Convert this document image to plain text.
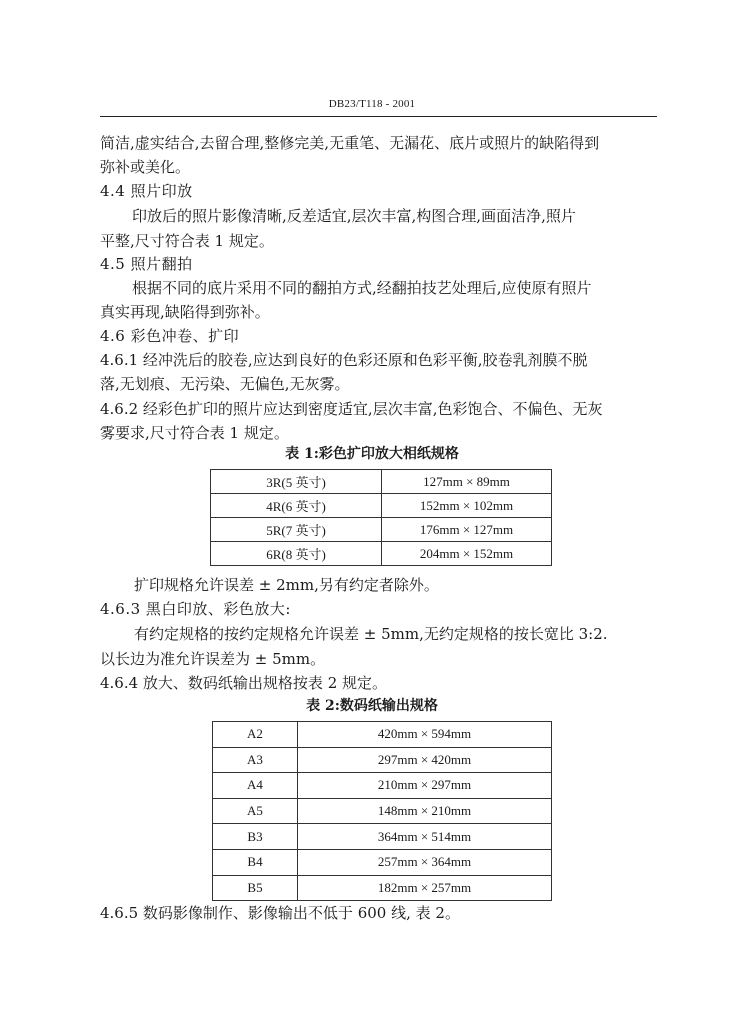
DB23/T118 - 2001
简洁,虚实结合,去留合理,整修完美,无重笔、无漏花、底片或照片的缺陷得到
弥补或美化。
4.4 照片印放
印放后的照片影像清晰,反差适宜,层次丰富,构图合理,画面洁净,照片
平整,尺寸符合表 1 规定。
4.5 照片翻拍
根据不同的底片采用不同的翻拍方式,经翻拍技艺处理后,应使原有照片
真实再现,缺陷得到弥补。
4.6 彩色冲卷、扩印
4.6.1 经冲洗后的胶卷,应达到良好的色彩还原和色彩平衡,胶卷乳剂膜不脱
落,无划痕、无污染、无偏色,无灰雾。
4.6.2 经彩色扩印的照片应达到密度适宜,层次丰富,色彩饱合、不偏色、无灰
雾要求,尺寸符合表 1 规定。
表 1:彩色扩印放大相纸规格
3R(5 英寸)	127mm × 89mm
4R(6 英寸)	152mm × 102mm
5R(7 英寸)	176mm × 127mm
6R(8 英寸)	204mm × 152mm
扩印规格允许误差 ± 2mm,另有约定者除外。
4.6.3 黑白印放、彩色放大:
有约定规格的按约定规格允许误差 ± 5mm,无约定规格的按长宽比 3:2.
以长边为准允许误差为 ± 5mm。
4.6.4 放大、数码纸输出规格按表 2 规定。
表 2:数码纸输出规格
A2	420mm × 594mm
A3	297mm × 420mm
A4	210mm × 297mm
A5	148mm × 210mm
B3	364mm × 514mm
B4	257mm × 364mm
B5	182mm × 257mm
4.6.5 数码影像制作、影像输出不低于 600 线, 表 2。
